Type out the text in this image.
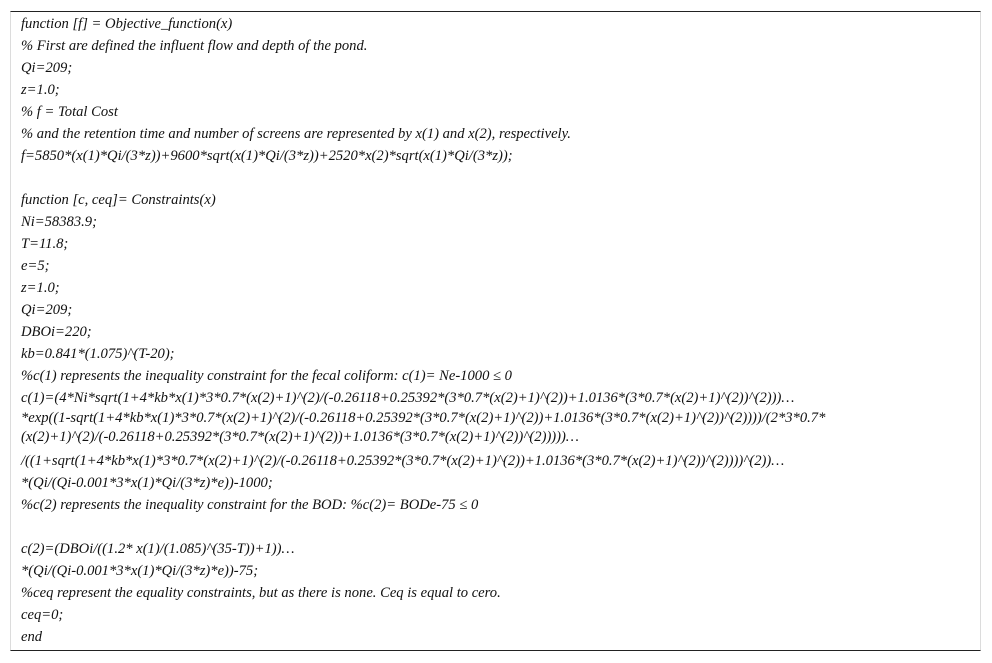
function [f] = Objective_function(x)
% First are defined the influent flow and depth of the pond.
Qi=209;
z=1.0;
% f = Total Cost
% and the retention time and number of screens are represented by x(1) and x(2), respectively.
f=5850*(x(1)*Qi/(3*z))+9600*sqrt(x(1)*Qi/(3*z))+2520*x(2)*sqrt(x(1)*Qi/(3*z));
function [c, ceq]= Constraints(x)
Ni=58383.9;
T=11.8;
e=5;
z=1.0;
Qi=209;
DBOi=220;
kb=0.841*(1.075)^(T-20);
%c(1) represents the inequality constraint for the fecal coliform: c(1)= Ne-1000 ≤ 0
c(1)=(4*Ni*sqrt(1+4*kb*x(1)*3*0.7*(x(2)+1)^(2)/(-0.26118+0.25392*(3*0.7*(x(2)+1)^(2))+1.0136*(3*0.7*(x(2)+1)^(2))^(2)))…
*exp((1-sqrt(1+4*kb*x(1)*3*0.7*(x(2)+1)^(2)/(-0.26118+0.25392*(3*0.7*(x(2)+1)^(2))+1.0136*(3*0.7*(x(2)+1)^(2))^(2))))/(2*3*0.7*
(x(2)+1)^(2)/(-0.26118+0.25392*(3*0.7*(x(2)+1)^(2))+1.0136*(3*0.7*(x(2)+1)^(2))^(2)))))…
/((1+sqrt(1+4*kb*x(1)*3*0.7*(x(2)+1)^(2)/(-0.26118+0.25392*(3*0.7*(x(2)+1)^(2))+1.0136*(3*0.7*(x(2)+1)^(2))^(2))))^(2))…
*(Qi/(Qi-0.001*3*x(1)*Qi/(3*z)*e))-1000;
%c(2) represents the inequality constraint for the BOD: %c(2)= BODe-75 ≤ 0
c(2)=(DBOi/((1.2* x(1)/(1.085)^(35-T))+1))…
*(Qi/(Qi-0.001*3*x(1)*Qi/(3*z)*e))-75;
%ceq represent the equality constraints, but as there is none. Ceq is equal to cero.
ceq=0;
end
